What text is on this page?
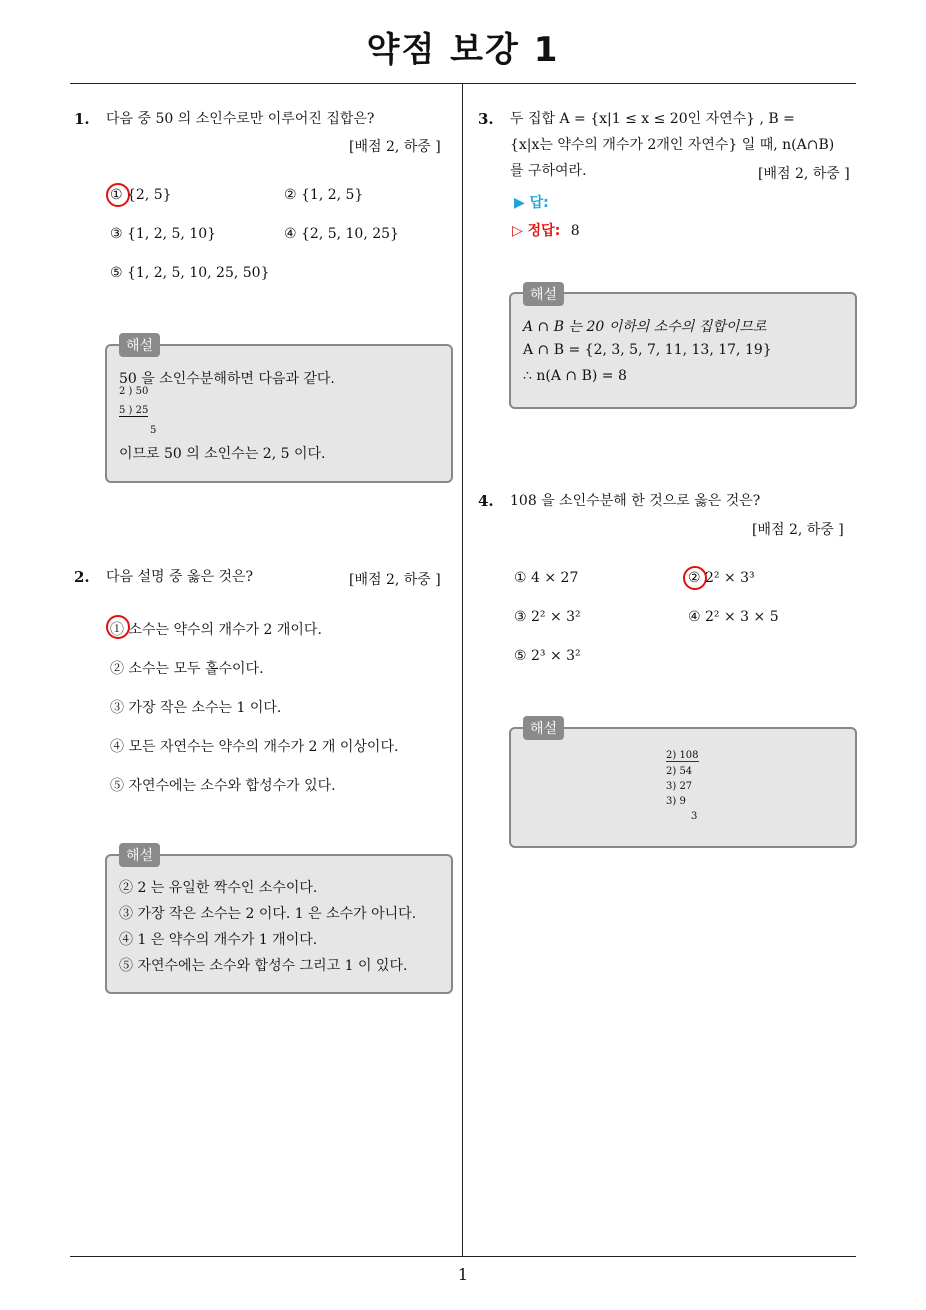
약점 보강 1
1
1. 다음 중 50 의 소인수로만 이루어진 집합은?
[배점 2, 하중 ]
① {2, 5}	② {1, 2, 5}
③ {1, 2, 5, 10}	④ {2, 5, 10, 25}
⑤ {1, 2, 5, 10, 25, 50}
해설
50 을 소인수분해하면 다음과 같다.
2 ) 50
5 ) 25
5
이므로 50 의 소인수는 2, 5 이다.
2. 다음 설명 중 옳은 것은?	[배점 2, 하중 ]
① 소수는 약수의 개수가 2 개이다.
② 소수는 모두 홀수이다.
③ 가장 작은 소수는 1 이다.
④ 모든 자연수는 약수의 개수가 2 개 이상이다.
⑤ 자연수에는 소수와 합성수가 있다.
해설
② 2 는 유일한 짝수인 소수이다.
③ 가장 작은 소수는 2 이다. 1 은 소수가 아니다.
④ 1 은 약수의 개수가 1 개이다.
⑤ 자연수에는 소수와 합성수 그리고 1 이 있다.
3. 두 집합 A = {x|1 ≤ x ≤ 20인 자연수} , B =
{x|x는 약수의 개수가 2개인 자연수} 일 때, n(A∩B)
를 구하여라.	[배점 2, 하중 ]
▶ 답:
▷ 정답: 8
해설
A ∩ B 는 20 이하의 소수의 집합이므로
A ∩ B = {2, 3, 5, 7, 11, 13, 17, 19}
∴ n(A ∩ B) = 8
4. 108 을 소인수분해 한 것으로 옳은 것은?
[배점 2, 하중 ]
① 4 × 27	② 2² × 3³
③ 2² × 3²	④ 2² × 3 × 5
⑤ 2³ × 3²
해설
2) 108
2) 54
3) 27
3) 9
3
